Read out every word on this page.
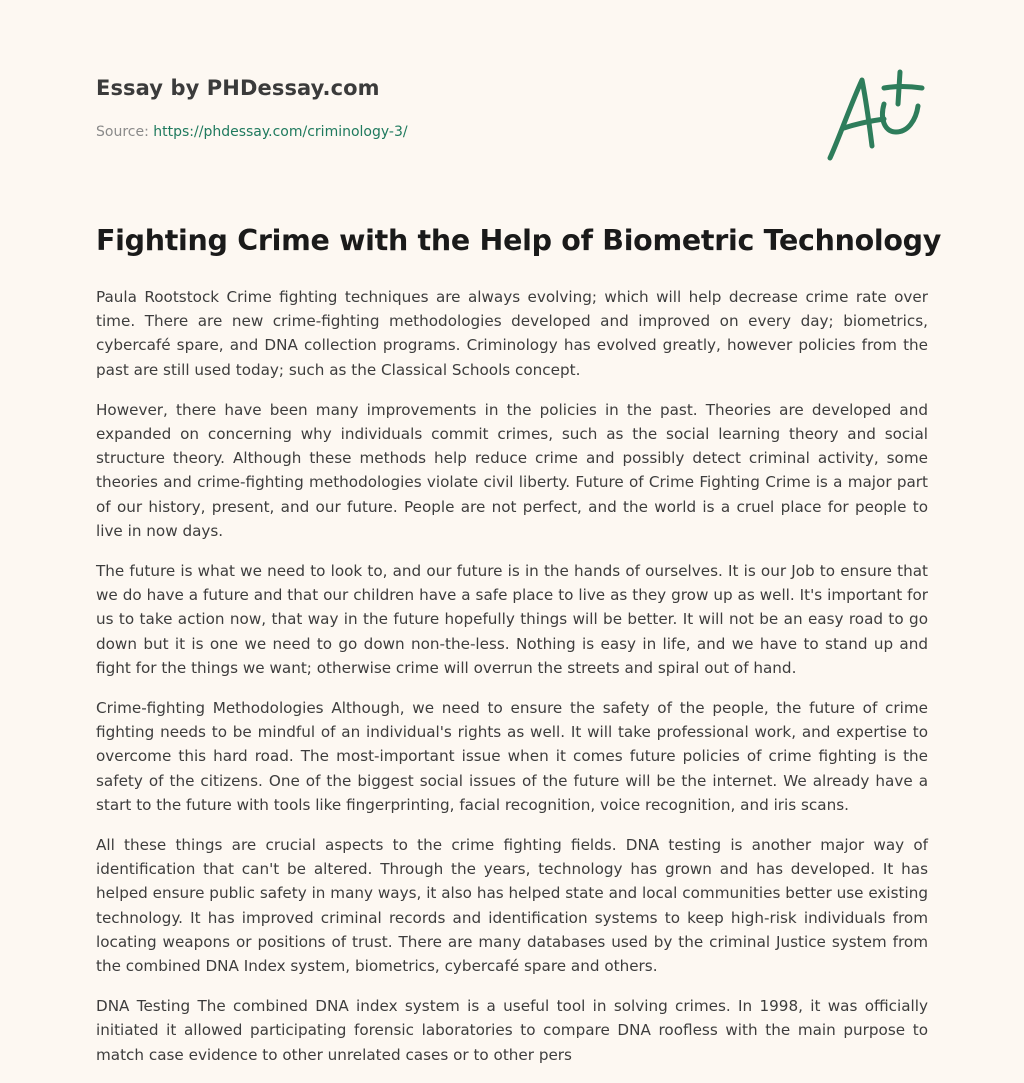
Essay by PHDessay.com
Source: https://phdessay.com/criminology-3/
Fighting Crime with the Help of Biometric Technology

Paula Rootstock Crime fighting techniques are always evolving; which will help decrease crime rate over time. There are new crime-fighting methodologies developed and improved on every day; biometrics, cybercafé spare, and DNA collection programs. Criminology has evolved greatly, however policies from the past are still used today; such as the Classical Schools concept.

However, there have been many improvements in the policies in the past. Theories are developed and expanded on concerning why individuals commit crimes, such as the social learning theory and social structure theory. Although these methods help reduce crime and possibly detect criminal activity, some theories and crime-fighting methodologies violate civil liberty. Future of Crime Fighting Crime is a major part of our history, present, and our future. People are not perfect, and the world is a cruel place for people to live in now days.

The future is what we need to look to, and our future is in the hands of ourselves. It is our Job to ensure that we do have a future and that our children have a safe place to live as they grow up as well. It's important for us to take action now, that way in the future hopefully things will be better. It will not be an easy road to go down but it is one we need to go down non-the-less. Nothing is easy in life, and we have to stand up and fight for the things we want; otherwise crime will overrun the streets and spiral out of hand.

Crime-fighting Methodologies Although, we need to ensure the safety of the people, the future of crime fighting needs to be mindful of an individual's rights as well. It will take professional work, and expertise to overcome this hard road. The most-important issue when it comes future policies of crime fighting is the safety of the citizens. One of the biggest social issues of the future will be the internet. We already have a start to the future with tools like fingerprinting, facial recognition, voice recognition, and iris scans.

All these things are crucial aspects to the crime fighting fields. DNA testing is another major way of identification that can't be altered. Through the years, technology has grown and has developed. It has helped ensure public safety in many ways, it also has helped state and local communities better use existing technology. It has improved criminal records and identification systems to keep high-risk individuals from locating weapons or positions of trust. There are many databases used by the criminal Justice system from the combined DNA Index system, biometrics, cybercafé spare and others.

DNA Testing The combined DNA index system is a useful tool in solving crimes. In 1998, it was officially initiated it allowed participating forensic laboratories to compare DNA roofless with the main purpose to match case evidence to other unrelated cases or to other pers
